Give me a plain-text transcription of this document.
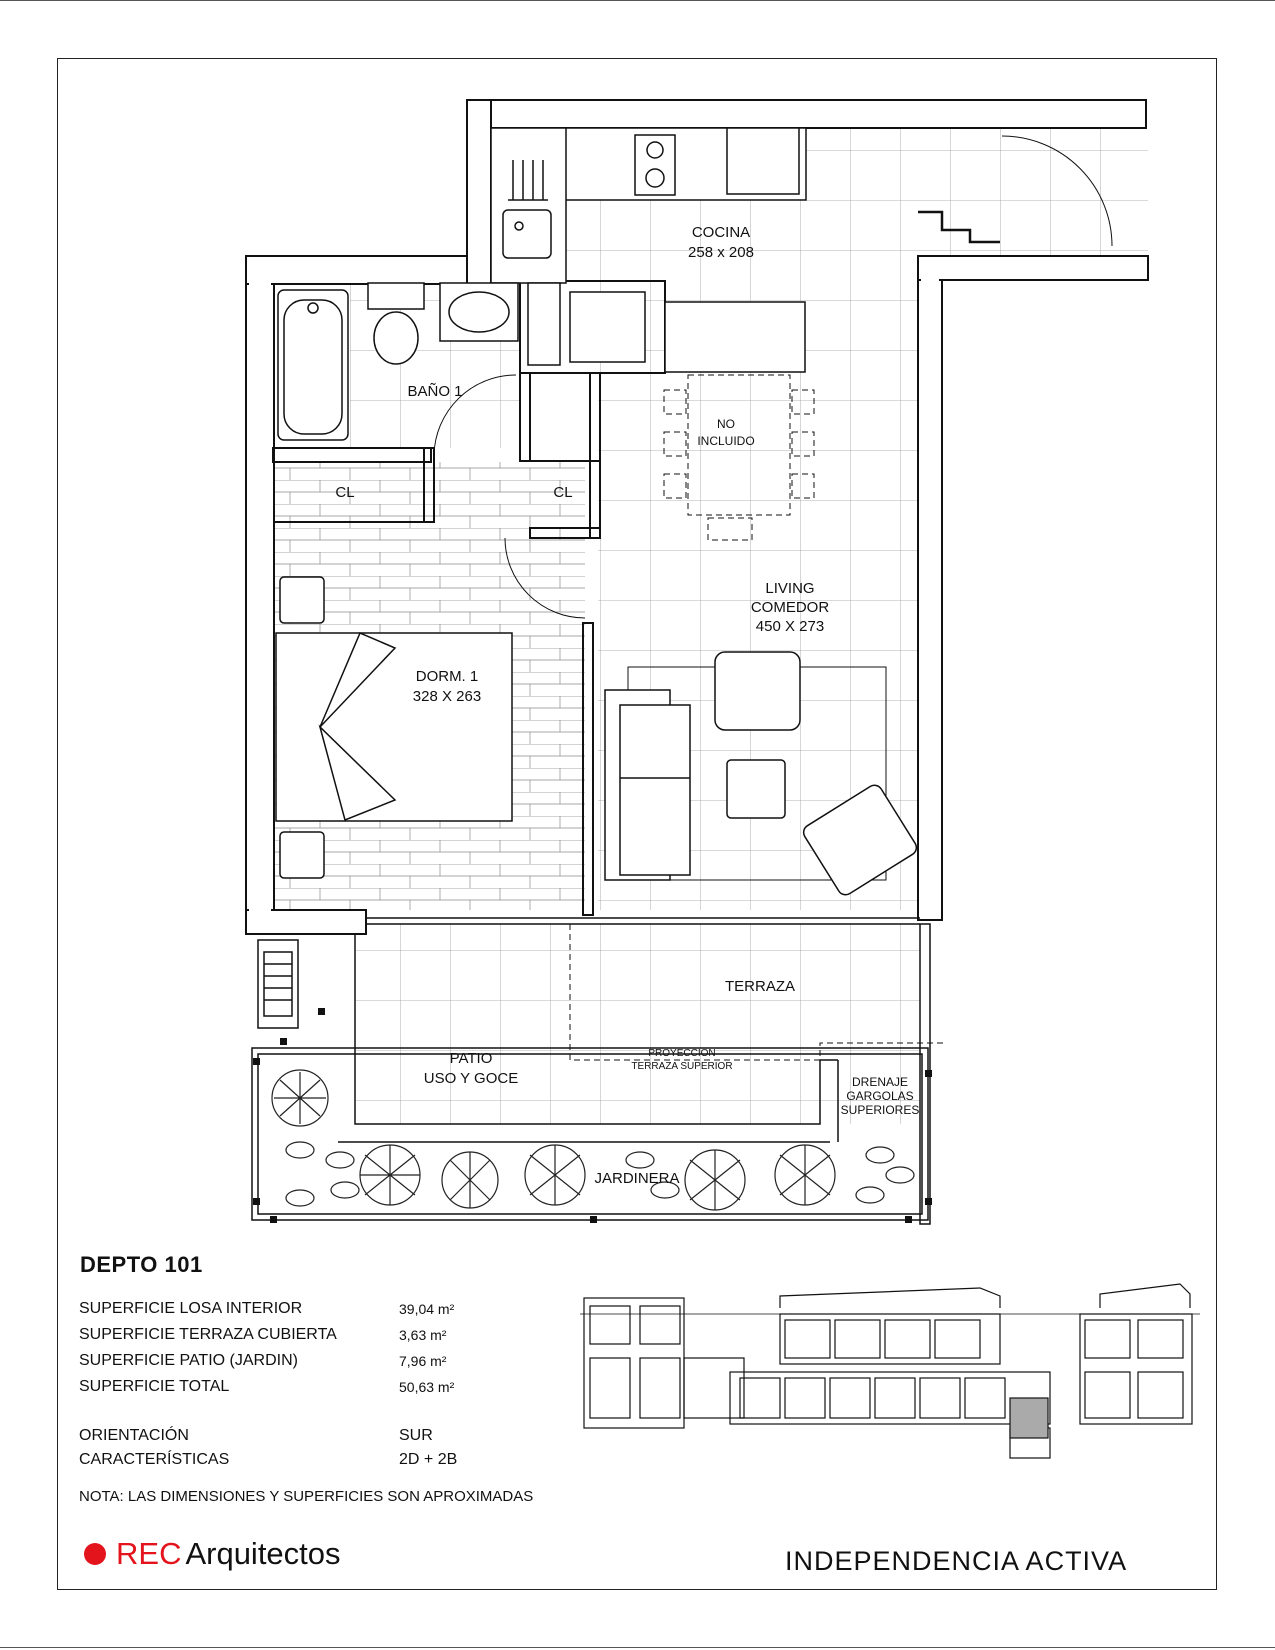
COCINA
258 x 208
BAÑO 1
CL	CL
NO
INCLUIDO
LIVING
COMEDOR
450 X 273
DORM. 1
328 X 263
TERRAZA
PATIO
USO Y GOCE
PROYECCION
TERRAZA SUPERIOR
DRENAJE
GARGOLAS
SUPERIORES
JARDINERA
DEPTO 101
SUPERFICIE LOSA INTERIOR	39,04 m²
SUPERFICIE TERRAZA CUBIERTA	3,63 m²
SUPERFICIE PATIO (JARDIN)	7,96 m²
SUPERFICIE TOTAL	50,63 m²
ORIENTACIÓN	SUR
CARACTERÍSTICAS	2D + 2B
NOTA: LAS DIMENSIONES Y SUPERFICIES SON APROXIMADAS
REC Arquitectos	INDEPENDENCIA ACTIVA
